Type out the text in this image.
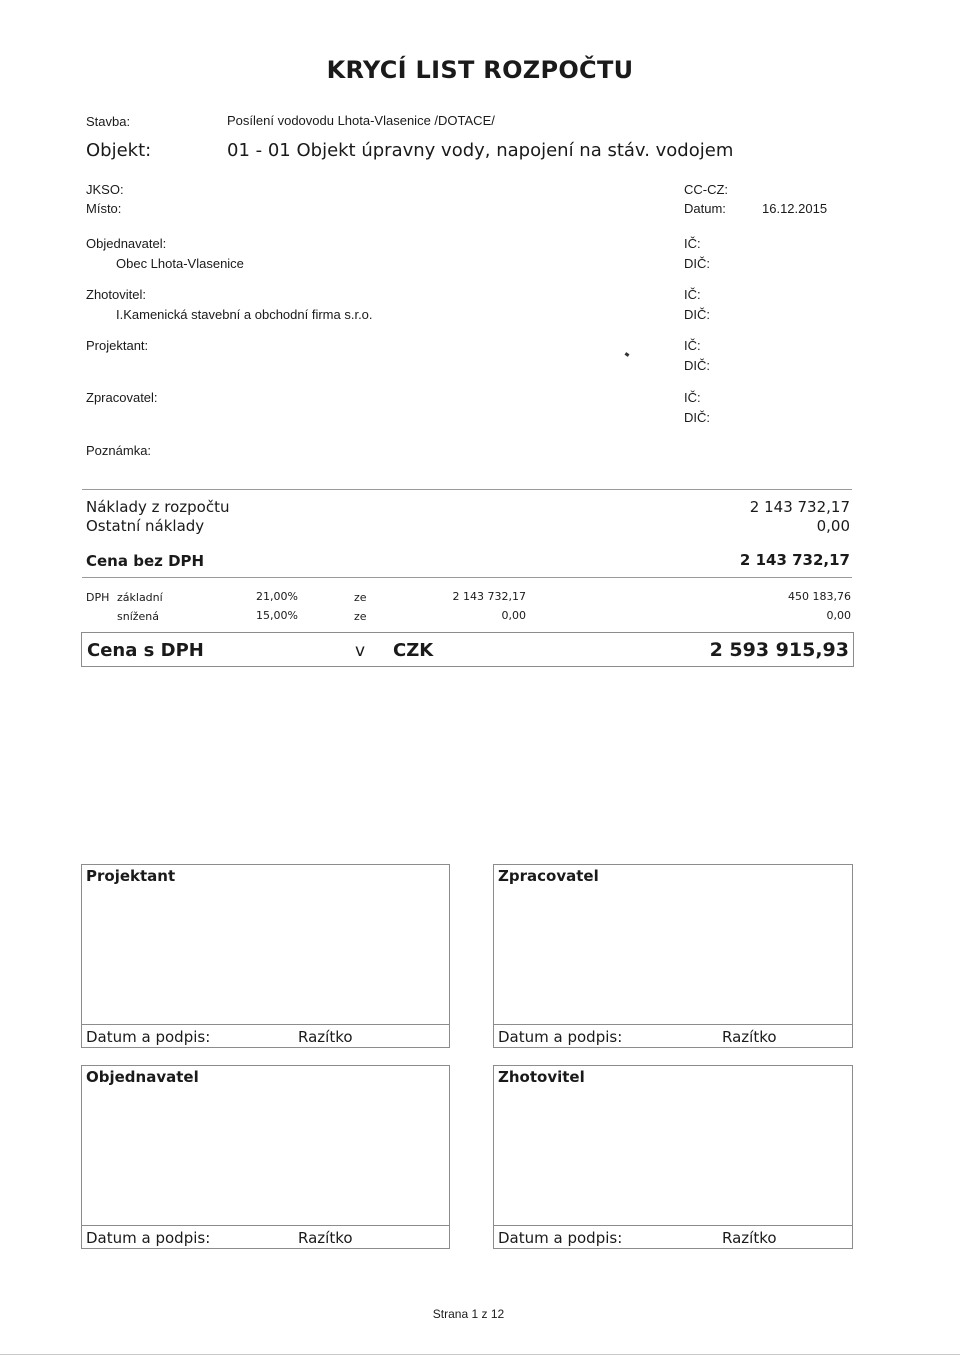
KRYCÍ LIST ROZPOČTU
Stavba:	Posílení vodovodu Lhota-Vlasenice /DOTACE/
Objekt:	01 - 01 Objekt úpravny vody, napojení na stáv. vodojem
JKSO:
Místo:
CC-CZ:
Datum:	16.12.2015
Objednavatel:
Obec Lhota-Vlasenice
IČ:
DIČ:
Zhotovitel:
I.Kamenická stavební a obchodní firma s.r.o.
IČ:
DIČ:
Projektant:	IČ:
DIČ:
Zpracovatel:	IČ:
DIČ:
Poznámka:
Náklady z rozpočtu	2 143 732,17
Ostatní náklady	0,00
Cena bez DPH	2 143 732,17
DPH základní	21,00%	ze	2 143 732,17	450 183,76
snížená	15,00%	ze	0,00	0,00
Cena s DPH	v CZK	2 593 915,93
Projektant
Datum a podpis:	Razítko
Zpracovatel
Datum a podpis:	Razítko
Objednavatel
Datum a podpis:	Razítko
Zhotovitel
Datum a podpis:	Razítko
Strana 1 z 12
